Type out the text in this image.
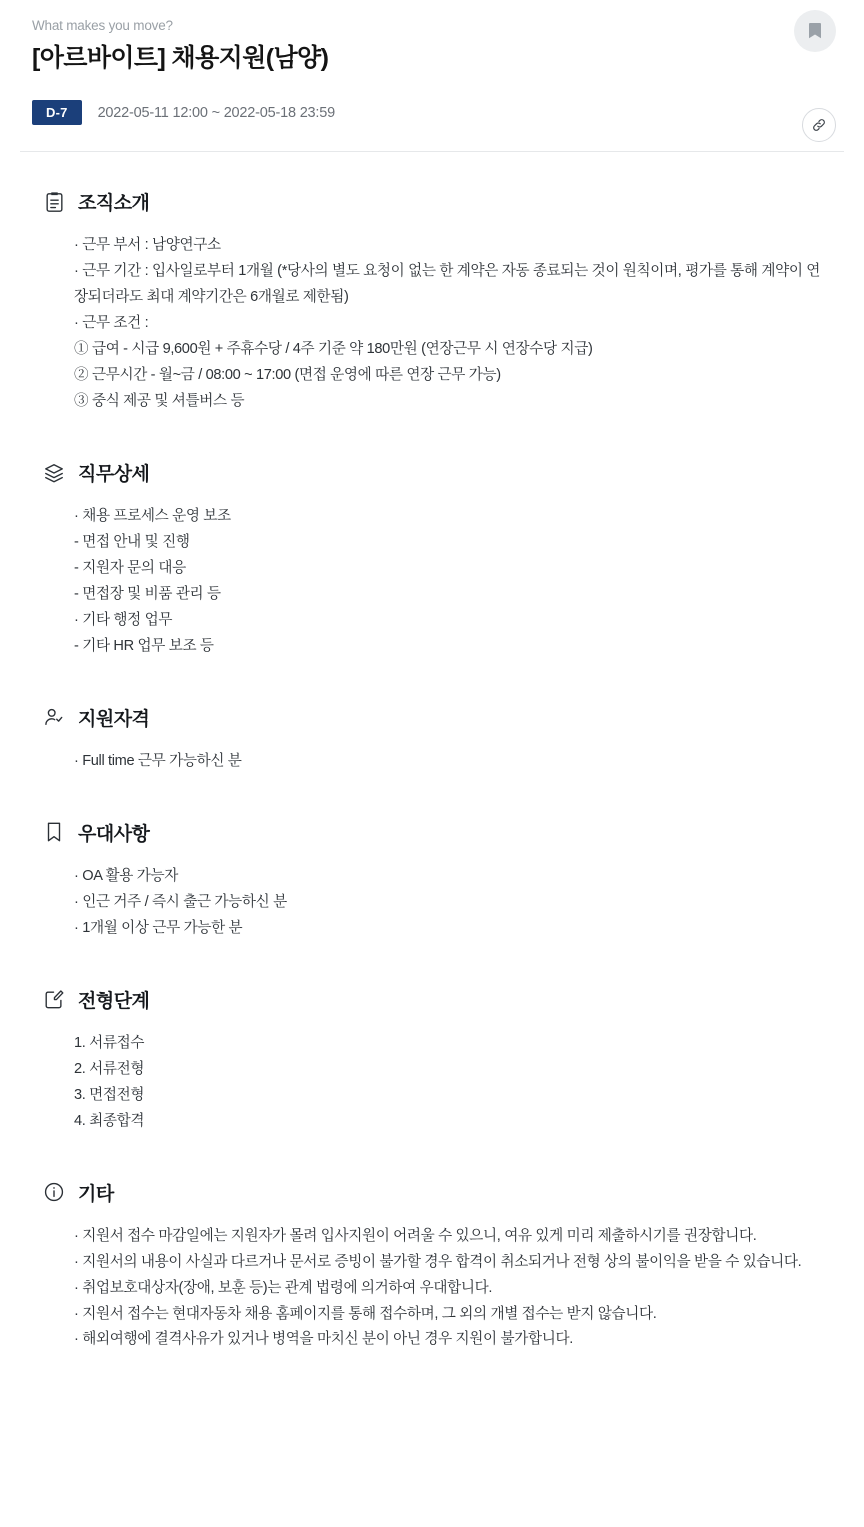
What makes you move?
[아르바이트] 채용지원(남양)
D-7	2022-05-11 12:00 ~ 2022-05-18 23:59
조직소개
· 근무 부서 : 남양연구소
· 근무 기간 : 입사일로부터 1개월 (*당사의 별도 요청이 없는 한 계약은 자동 종료되는 것이 원칙이며, 평가를 통해 계약이 연장되더라도 최대 계약기간은 6개월로 제한됨)
· 근무 조건 :
① 급여 - 시급 9,600원 + 주휴수당 / 4주 기준 약 180만원 (연장근무 시 연장수당 지급)
② 근무시간 - 월~금 / 08:00 ~ 17:00 (면접 운영에 따른 연장 근무 가능)
③ 중식 제공 및 셔틀버스 등
직무상세
· 채용 프로세스 운영 보조
- 면접 안내 및 진행
- 지원자 문의 대응
- 면접장 및 비품 관리 등
· 기타 행정 업무
- 기타 HR 업무 보조 등
지원자격
· Full time 근무 가능하신 분
우대사항
· OA 활용 가능자
· 인근 거주 / 즉시 출근 가능하신 분
· 1개월 이상 근무 가능한 분
전형단계
1. 서류접수
2. 서류전형
3. 면접전형
4. 최종합격
기타
· 지원서 접수 마감일에는 지원자가 몰려 입사지원이 어려울 수 있으니, 여유 있게 미리 제출하시기를 권장합니다.
· 지원서의 내용이 사실과 다르거나 문서로 증빙이 불가할 경우 합격이 취소되거나 전형 상의 불이익을 받을 수 있습니다.
· 취업보호대상자(장애, 보훈 등)는 관계 법령에 의거하여 우대합니다.
· 지원서 접수는 현대자동차 채용 홈페이지를 통해 접수하며, 그 외의 개별 접수는 받지 않습니다.
· 해외여행에 결격사유가 있거나 병역을 마치신 분이 아닌 경우 지원이 불가합니다.
